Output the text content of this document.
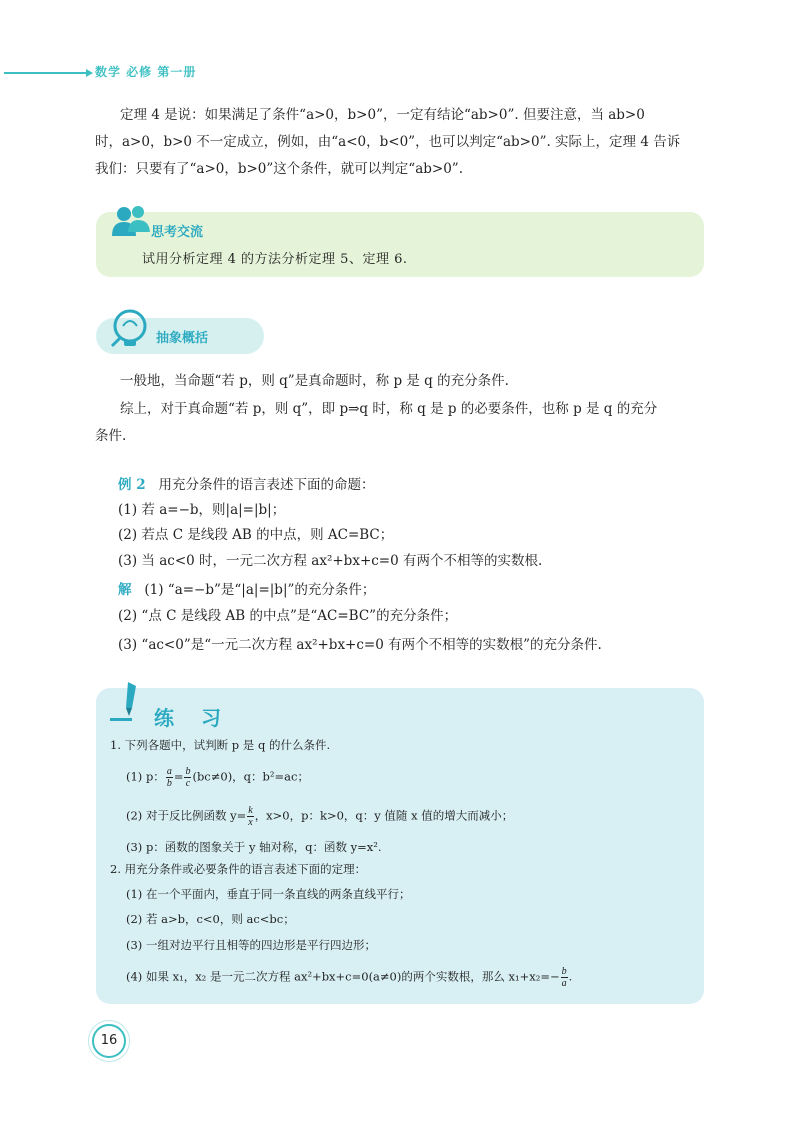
数学 必修 第一册
定理 4 是说：如果满足了条件“a>0，b>0”，一定有结论“ab>0”. 但要注意，当 ab>0
时，a>0，b>0 不一定成立，例如，由“a<0，b<0”，也可以判定“ab>0”. 实际上，定理 4 告诉
我们：只要有了“a>0，b>0”这个条件，就可以判定“ab>0”.
思考交流
试用分析定理 4 的方法分析定理 5、定理 6.
抽象概括
一般地，当命题“若 p，则 q”是真命题时，称 p 是 q 的充分条件.
综上，对于真命题“若 p，则 q”，即 p⇒q 时，称 q 是 p 的必要条件，也称 p 是 q 的充分
条件.
例 2 用充分条件的语言表述下面的命题：
(1) 若 a=−b，则|a|=|b|；
(2) 若点 C 是线段 AB 的中点，则 AC=BC；
(3) 当 ac<0 时，一元二次方程 ax²+bx+c=0 有两个不相等的实数根.
解 (1) “a=−b”是“|a|=|b|”的充分条件；
(2) “点 C 是线段 AB 的中点”是“AC=BC”的充分条件；
(3) “ac<0”是“一元二次方程 ax²+bx+c=0 有两个不相等的实数根”的充分条件.
练 习
1. 下列各题中，试判断 p 是 q 的什么条件.
(1) p： $\frac{a}{b} = \frac{b}{c} (bc\ne 0)$，q：b²=ac；
(2) 对于反比例函数 $y= \frac{k}{x}$ ，x>0，p：k>0，q：y 值随 x 值的增大而减小；
(3) p：函数的图象关于 y 轴对称，q：函数 y=x².
2. 用充分条件或必要条件的语言表述下面的定理：
(1) 在一个平面内，垂直于同一条直线的两条直线平行；
(2) 若 a>b，c<0，则 ac<bc；
(3) 一组对边平行且相等的四边形是平行四边形；
(4) 如果 x₁，x₂ 是一元二次方程 ax²+bx+c=0(a≠0)的两个实数根，那么 $x_1+x_2=- \frac{b}{a}$ .
16
